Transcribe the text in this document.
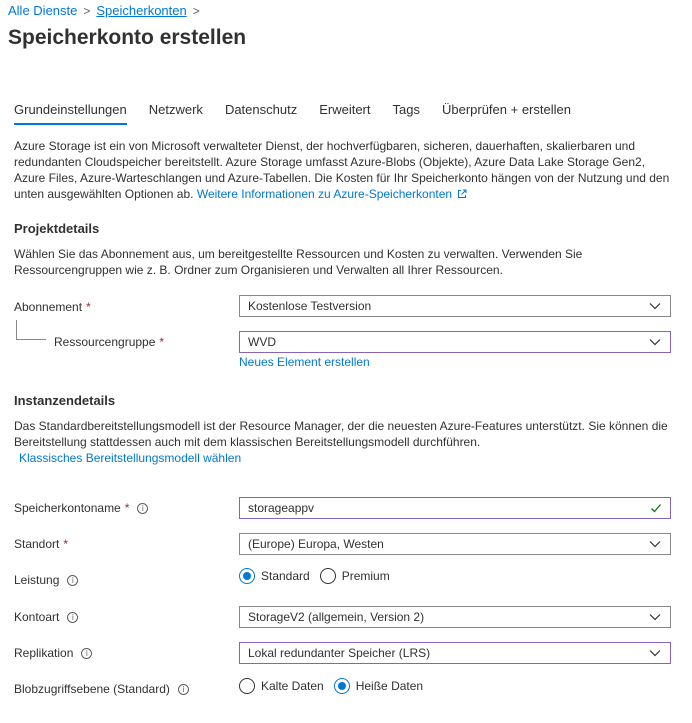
Alle Dienste > Speicherkonten >
Speicherkonto erstellen
Grundeinstellungen Netzwerk Datenschutz Erweitert Tags Überprüfen + erstellen
Azure Storage ist ein von Microsoft verwalteter Dienst, der hochverfügbaren, sicheren, dauerhaften, skalierbaren und redundanten Cloudspeicher bereitstellt. Azure Storage umfasst Azure-Blobs (Objekte), Azure Data Lake Storage Gen2, Azure Files, Azure-Warteschlangen und Azure-Tabellen. Die Kosten für Ihr Speicherkonto hängen von der Nutzung und den unten ausgewählten Optionen ab. Weitere Informationen zu Azure-Speicherkonten
Projektdetails
Wählen Sie das Abonnement aus, um bereitgestellte Ressourcen und Kosten zu verwalten. Verwenden Sie Ressourcengruppen wie z. B. Ordner zum Organisieren und Verwalten all Ihrer Ressourcen.
Abonnement *	Kostenlose Testversion
Ressourcengruppe *	WVD
Neues Element erstellen
Instanzendetails
Das Standardbereitstellungsmodell ist der Resource Manager, der die neuesten Azure-Features unterstützt. Sie können die Bereitstellung stattdessen auch mit dem klassischen Bereitstellungsmodell durchführen.
Klassisches Bereitstellungsmodell wählen
Speicherkontoname *	i	storageappv
Standort *	(Europe) Europa, Westen
Leistung	i	Standard	Premium
Kontoart	i	StorageV2 (allgemein, Version 2)
Replikation	i	Lokal redundanter Speicher (LRS)
Blobzugriffsebene (Standard)	i	Kalte Daten	Heiße Daten
